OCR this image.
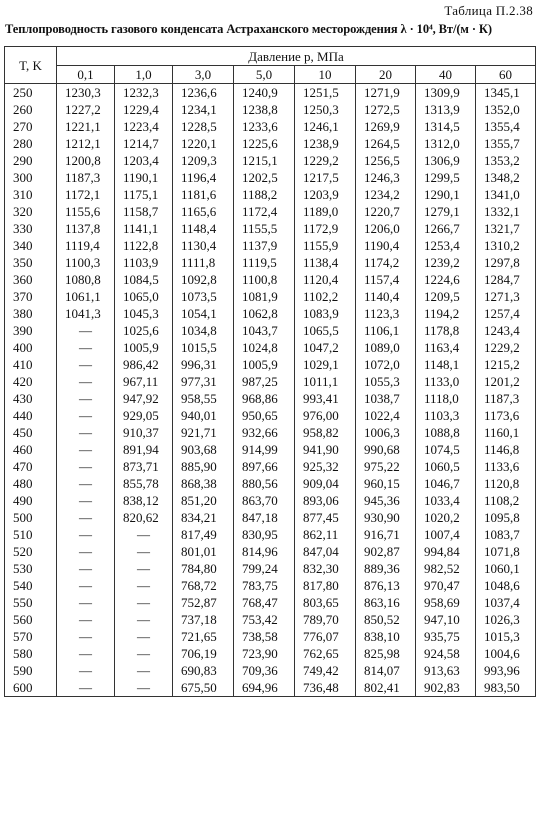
Таблица П.2.38
Теплопроводность газового конденсата Астраханского месторождения λ · 10⁴, Вт/(м · К)
T, K	Давление p, МПа							
	0,1	1,0	3,0	5,0	10	20	40	60
250	1230,3	1232,3	1236,6	1240,9	1251,5	1271,9	1309,9	1345,1
260	1227,2	1229,4	1234,1	1238,8	1250,3	1272,5	1313,9	1352,0
270	1221,1	1223,4	1228,5	1233,6	1246,1	1269,9	1314,5	1355,4
280	1212,1	1214,7	1220,1	1225,6	1238,9	1264,5	1312,0	1355,7
290	1200,8	1203,4	1209,3	1215,1	1229,2	1256,5	1306,9	1353,2
300	1187,3	1190,1	1196,4	1202,5	1217,5	1246,3	1299,5	1348,2
310	1172,1	1175,1	1181,6	1188,2	1203,9	1234,2	1290,1	1341,0
320	1155,6	1158,7	1165,6	1172,4	1189,0	1220,7	1279,1	1332,1
330	1137,8	1141,1	1148,4	1155,5	1172,9	1206,0	1266,7	1321,7
340	1119,4	1122,8	1130,4	1137,9	1155,9	1190,4	1253,4	1310,2
350	1100,3	1103,9	1111,8	1119,5	1138,4	1174,2	1239,2	1297,8
360	1080,8	1084,5	1092,8	1100,8	1120,4	1157,4	1224,6	1284,7
370	1061,1	1065,0	1073,5	1081,9	1102,2	1140,4	1209,5	1271,3
380	1041,3	1045,3	1054,1	1062,8	1083,9	1123,3	1194,2	1257,4
390	—	1025,6	1034,8	1043,7	1065,5	1106,1	1178,8	1243,4
400	—	1005,9	1015,5	1024,8	1047,2	1089,0	1163,4	1229,2
410	—	986,42	996,31	1005,9	1029,1	1072,0	1148,1	1215,2
420	—	967,11	977,31	987,25	1011,1	1055,3	1133,0	1201,2
430	—	947,92	958,55	968,86	993,41	1038,7	1118,0	1187,3
440	—	929,05	940,01	950,65	976,00	1022,4	1103,3	1173,6
450	—	910,37	921,71	932,66	958,82	1006,3	1088,8	1160,1
460	—	891,94	903,68	914,99	941,90	990,68	1074,5	1146,8
470	—	873,71	885,90	897,66	925,32	975,22	1060,5	1133,6
480	—	855,78	868,38	880,56	909,04	960,15	1046,7	1120,8
490	—	838,12	851,20	863,70	893,06	945,36	1033,4	1108,2
500	—	820,62	834,21	847,18	877,45	930,90	1020,2	1095,8
510	—	—	817,49	830,95	862,11	916,71	1007,4	1083,7
520	—	—	801,01	814,96	847,04	902,87	994,84	1071,8
530	—	—	784,80	799,24	832,30	889,36	982,52	1060,1
540	—	—	768,72	783,75	817,80	876,13	970,47	1048,6
550	—	—	752,87	768,47	803,65	863,16	958,69	1037,4
560	—	—	737,18	753,42	789,70	850,52	947,10	1026,3
570	—	—	721,65	738,58	776,07	838,10	935,75	1015,3
580	—	—	706,19	723,90	762,65	825,98	924,58	1004,6
590	—	—	690,83	709,36	749,42	814,07	913,63	993,96
600	—	—	675,50	694,96	736,48	802,41	902,83	983,50
